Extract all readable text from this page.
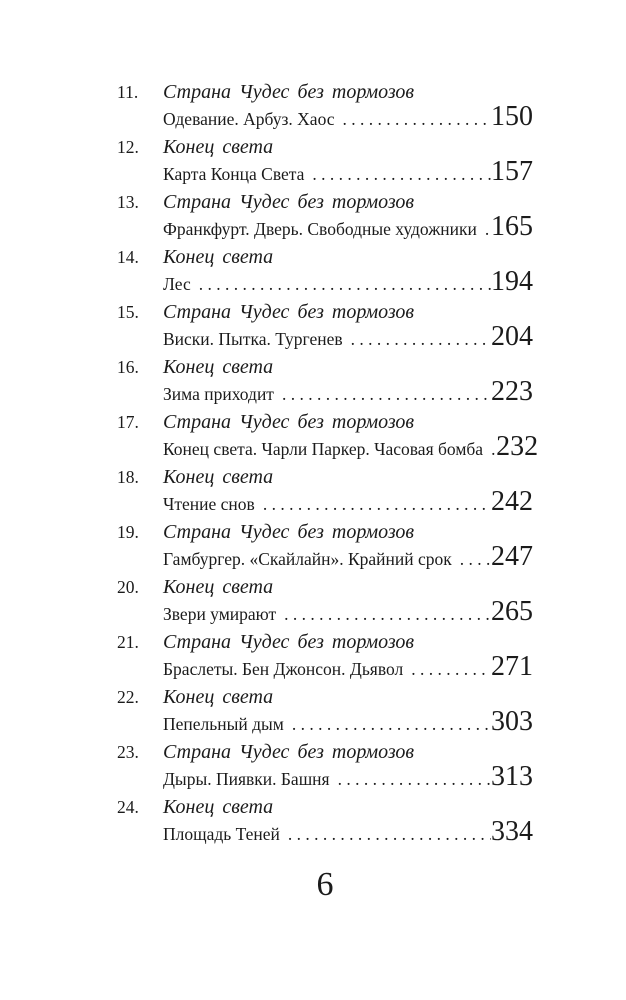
11.	Страна Чудес без тормозов
Одевание. Арбуз. Хаос . . .	150
12.	Конец света
Карта Конца Света . . .	157
13.	Страна Чудес без тормозов
Франкфурт. Дверь. Свободные художники . . . 165
14.	Конец света
Лес . . .	194
15.	Страна Чудес без тормозов
Виски. Пытка. Тургенев . . .	204
16.	Конец света
Зима приходит . . .	223
17.	Страна Чудес без тормозов
Конец света. Чарли Паркер. Часовая бомба . . . 232
18.	Конец света
Чтение снов . . .	242
19.	Страна Чудес без тормозов
Гамбургер. «Скайлайн». Крайний срок . . . 247
20.	Конец света
Звери умирают . . .	265
21.	Страна Чудес без тормозов
Браслеты. Бен Джонсон. Дьявол . . .	271
22.	Конец света
Пепельный дым . . .	303
23.	Страна Чудес без тормозов
Дыры. Пиявки. Башня . . .	313
24.	Конец света
Площадь Теней . . .	334
6
